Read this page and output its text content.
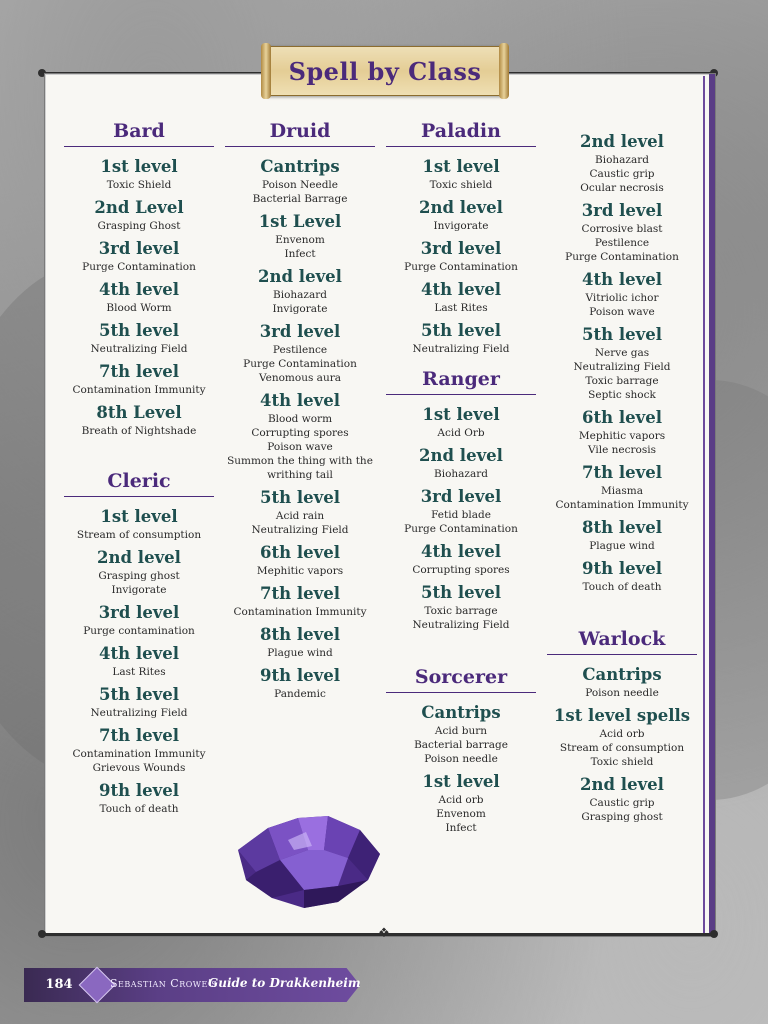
❖
Spell by Class
Bard
1st level
Toxic Shield
2nd Level
Grasping Ghost
3rd level
Purge Contamination
4th level
Blood Worm
5th level
Neutralizing Field
7th level
Contamination Immunity
8th Level
Breath of Nightshade
Cleric
1st level
Stream of consumption
2nd level
Grasping ghost
Invigorate
3rd level
Purge contamination
4th level
Last Rites
5th level
Neutralizing Field
7th level
Contamination Immunity
Grievous Wounds
9th level
Touch of death
Druid
Cantrips
Poison Needle
Bacterial Barrage
1st Level
Envenom
Infect
2nd level
Biohazard
Invigorate
3rd level
Pestilence
Purge Contamination
Venomous aura
4th level
Blood worm
Corrupting spores
Poison wave
Summon the thing with the writhing tail
5th level
Acid rain
Neutralizing Field
6th level
Mephitic vapors
7th level
Contamination Immunity
8th level
Plague wind
9th level
Pandemic
Paladin
1st level
Toxic shield
2nd level
Invigorate
3rd level
Purge Contamination
4th level
Last Rites
5th level
Neutralizing Field
Ranger
1st level
Acid Orb
2nd level
Biohazard
3rd level
Fetid blade
Purge Contamination
4th level
Corrupting spores
5th level
Toxic barrage
Neutralizing Field
Sorcerer
Cantrips
Acid burn
Bacterial barrage
Poison needle
1st level
Acid orb
Envenom
Infect
2nd level
Biohazard
Caustic grip
Ocular necrosis
3rd level
Corrosive blast
Pestilence
Purge Contamination
4th level
Vitriolic ichor
Poison wave
5th level
Nerve gas
Neutralizing Field
Toxic barrage
Septic shock
6th level
Mephitic vapors
Vile necrosis
7th level
Miasma
Contamination Immunity
8th level
Plague wind
9th level
Touch of death
Warlock
Cantrips
Poison needle
1st level spells
Acid orb
Stream of consumption
Toxic shield
2nd level
Caustic grip
Grasping ghost
184	Sebastian Crowe's
Guide to Drakkenheim
